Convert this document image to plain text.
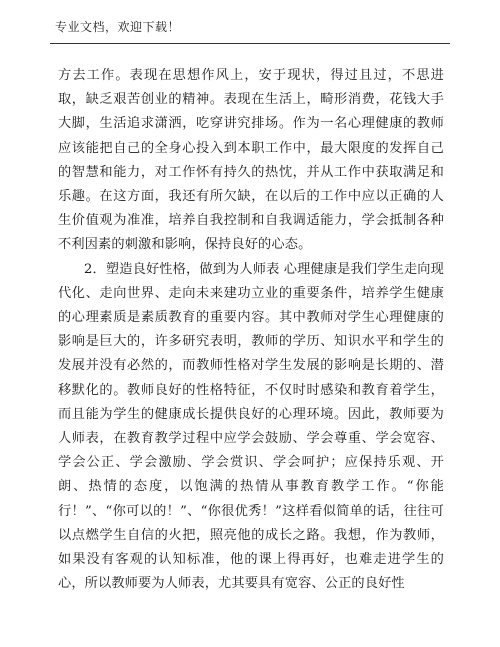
专业文档，欢迎下载！

方去工作。表现在思想作风上，安于现状，得过且过，不思进取，缺乏艰苦创业的精神。表现在生活上，畸形消费，花钱大手大脚，生活追求潇洒，吃穿讲究排场。作为一名心理健康的教师应该能把自己的全身心投入到本职工作中，最大限度的发挥自己的智慧和能力，对工作怀有持久的热忱，并从工作中获取满足和乐趣。在这方面，我还有所欠缺，在以后的工作中应以正确的人生价值观为准准，培养自我控制和自我调适能力，学会抵制各种不利因素的刺激和影响，保持良好的心态。

2．塑造良好性格，做到为人师表 心理健康是我们学生走向现代化、走向世界、走向未来建功立业的重要条件，培养学生健康的心理素质是素质教育的重要内容。其中教师对学生心理健康的影响是巨大的，许多研究表明，教师的学历、知识水平和学生的发展并没有必然的，而教师性格对学生发展的影响是长期的、潜移默化的。教师良好的性格特征，不仅时时感染和教育着学生，而且能为学生的健康成长提供良好的心理环境。因此，教师要为人师表，在教育教学过程中应学会鼓励、学会尊重、学会宽容、学会公正、学会激励、学会赏识、学会呵护；应保持乐观、开朗、热情的态度，以饱满的热情从事教育教学工作。“你能行！”、“你可以的！”、“你很优秀！”这样看似简单的话，往往可以点燃学生自信的火把，照亮他的成长之路。我想，作为教师，如果没有客观的认知标准，他的课上得再好，也难走进学生的心，所以教师要为人师表，尤其要具有宽容、公正的良好性
